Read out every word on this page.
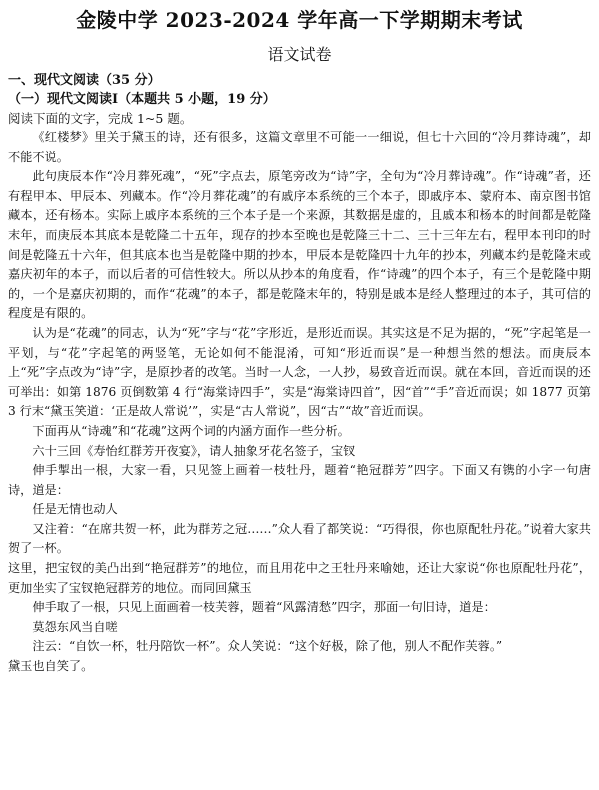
金陵中学 2023-2024 学年高一下学期期末考试
语文试卷
一、现代文阅读（35 分）
（一）现代文阅读Ⅰ（本题共 5 小题，19 分）
阅读下面的文字，完成 1~5 题。

《红楼梦》里关于黛玉的诗，还有很多，这篇文章里不可能一一细说，但七十六回的“冷月葬诗魂”，却不能不说。

此句庚辰本作“冷月葬死魂”，“死”字点去，原笔旁改为“诗”字，全句为“冷月葬诗魂”。作“诗魂”者，还有程甲本、甲辰本、列藏本。作“冷月葬花魂”的有戚序本系统的三个本子，即戚序本、蒙府本、南京图书馆藏本，还有杨本。实际上戚序本系统的三个本子是一个来源，其数据是虚的，且戚本和杨本的时间都是乾隆末年，而庚辰本其底本是乾隆二十五年，现存的抄本至晚也是乾隆三十二、三十三年左右，程甲本刊印的时间是乾隆五十六年，但其底本也当是乾隆中期的抄本，甲辰本是乾隆四十九年的抄本，列藏本约是乾隆末或嘉庆初年的本子，而以后者的可信性较大。所以从抄本的角度看，作“诗魂”的四个本子，有三个是乾隆中期的，一个是嘉庆初期的，而作“花魂”的本子，都是乾隆末年的，特别是戚本是经人整理过的本子，其可信的程度是有限的。

认为是“花魂”的同志，认为“死”字与“花”字形近，是形近而误。其实这是不足为据的，“死”字起笔是一平划，与“花”字起笔的两竖笔，无论如何不能混淆，可知“形近而误”是一种想当然的想法。而庚辰本上“死”字点改为“诗”字，是原抄者的改笔。当时一人念，一人抄，易致音近而误。就在本回，音近而误的还可举出：如第 1876 页倒数第 4 行“海棠诗四手”，实是“海棠诗四首”，因“首”“手”音近而误；如 1877 页第 3 行末“黛玉笑道：‘正是故人常说’”，实是“古人常说”，因“古”“故”音近而误。

下面再从“诗魂”和“花魂”这两个词的内涵方面作一些分析。

六十三回《寿怡红群芳开夜宴》，请人抽象牙花名签子，宝钗

伸手掣出一根，大家一看，只见签上画着一枝牡丹，题着“艳冠群芳”四字。下面又有镌的小字一句唐诗，道是：

任是无情也动人

又注着：“在席共贺一杯，此为群芳之冠……”众人看了都笑说：“巧得很，你也原配牡丹花。”说着大家共贺了一杯。

这里，把宝钗的美凸出到“艳冠群芳”的地位，而且用花中之王牡丹来喻她，还让大家说“你也原配牡丹花”，更加坐实了宝钗艳冠群芳的地位。而同回黛玉

伸手取了一根，只见上面画着一枝芙蓉，题着“风露清愁”四字，那面一句旧诗，道是：

莫怨东风当自嗟

注云：“自饮一杯，牡丹陪饮一杯”。众人笑说：“这个好极，除了他，别人不配作芙蓉。”

黛玉也自笑了。
